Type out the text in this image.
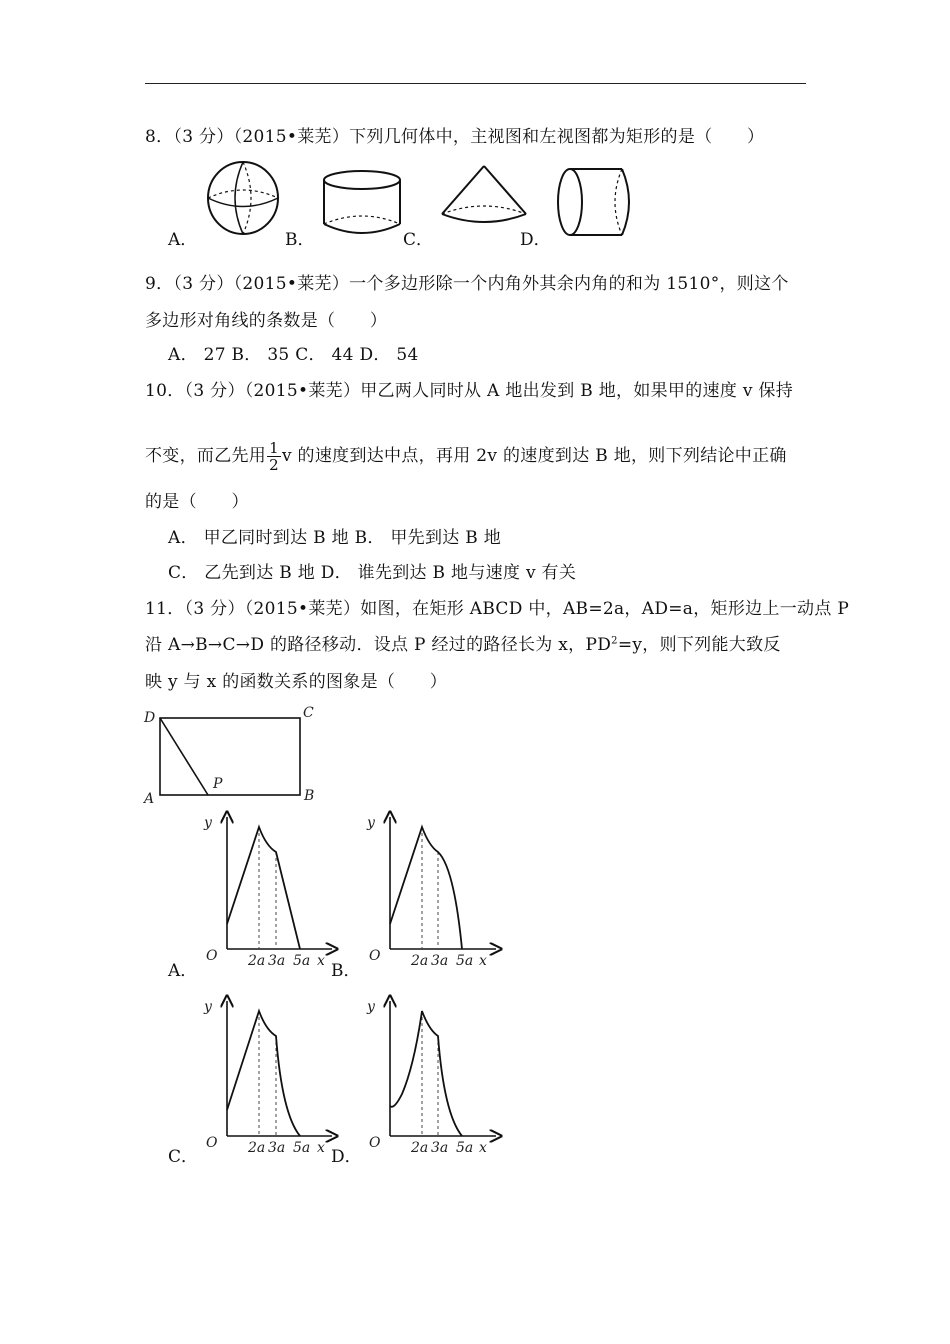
8．（3 分）（2015•莱芜）下列几何体中，主视图和左视图都为矩形的是（　　）
A．	B．	C．	D．
9．（3 分）（2015•莱芜）一个多边形除一个内角外其余内角的和为 1510°，则这个
多边形对角线的条数是（　　）
A． 27 B． 35 C． 44 D． 54
10．（3 分）（2015•莱芜）甲乙两人同时从 A 地出发到 B 地，如果甲的速度 v 保持
不变，而乙先用 $\frac{1}{2}$ v 的速度到达中点，再用 2v 的速度到达 B 地，则下列结论中正确
的是（　　）
A． 甲乙同时到达 B 地 B． 甲先到达 B 地
C． 乙先到达 B 地 D． 谁先到达 B 地与速度 v 有关
11．（3 分）（2015•莱芜）如图，在矩形 ABCD 中，AB=2a，AD=a，矩形边上一动点 P
沿 A→B→C→D 的路径移动．设点 P 经过的路径长为 x，$PD^2=y$，则下列能大致反
映 y 与 x 的函数关系的图象是（　　）
D	C
A	B
P
A．
y
O 2a 3a 5a x B．
y
O 2a 3a 5a x
C．
y
O 2a 3a 5a x D．
y
O 2a 3a 5a x
